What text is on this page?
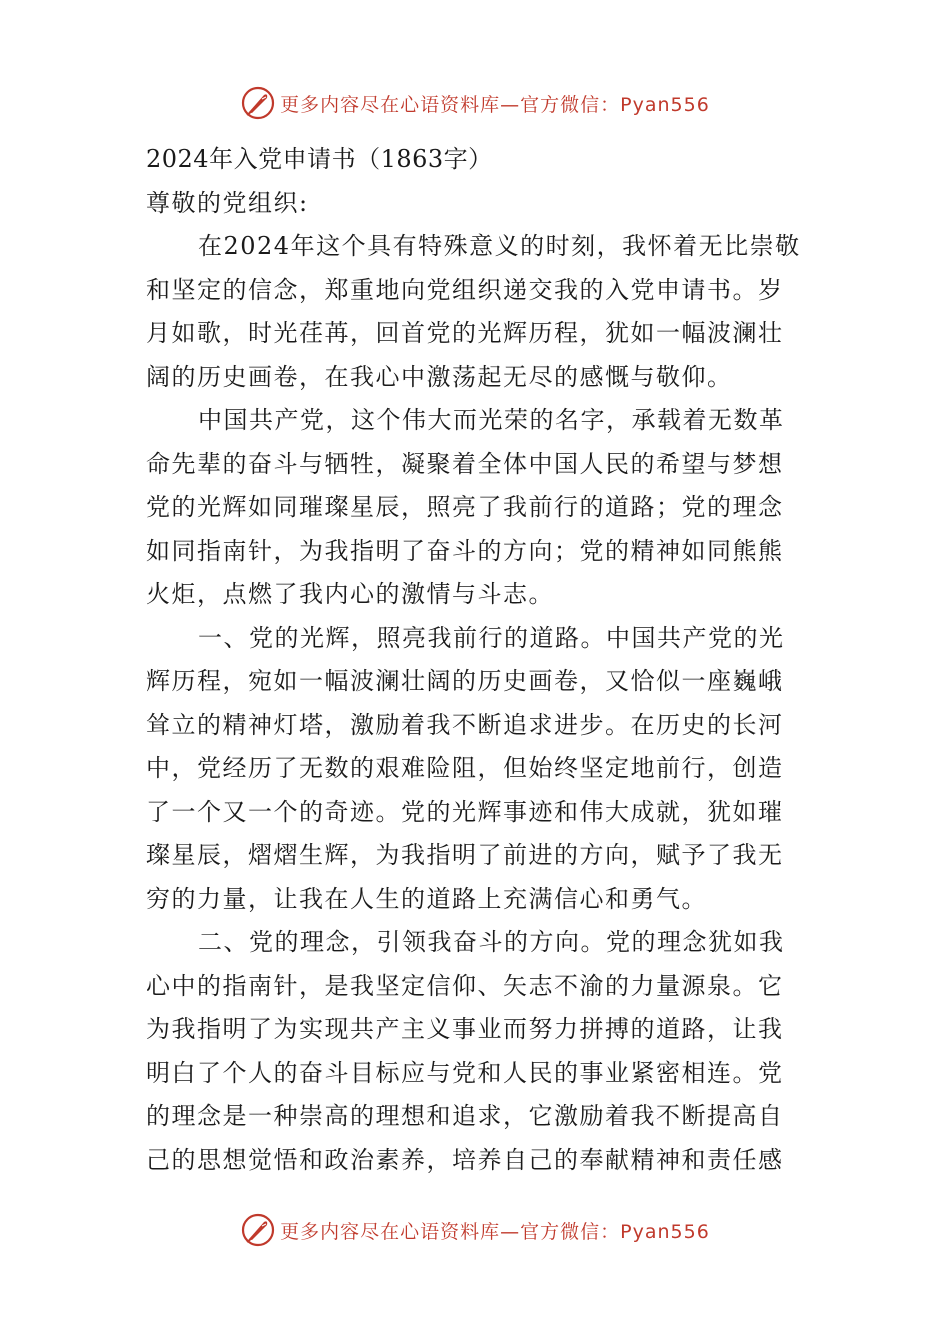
更多内容尽在心语资料库—官方微信：Pyan556
2024年入党申请书（1863字）
尊敬的党组织:
在2024年这个具有特殊意义的时刻，我怀着无比崇敬
和坚定的信念，郑重地向党组织递交我的入党申请书。岁
月如歌，时光荏苒，回首党的光辉历程，犹如一幅波澜壮
阔的历史画卷，在我心中激荡起无尽的感慨与敬仰。
中国共产党，这个伟大而光荣的名字，承载着无数革
命先辈的奋斗与牺牲，凝聚着全体中国人民的希望与梦想
党的光辉如同璀璨星辰，照亮了我前行的道路；党的理念
如同指南针，为我指明了奋斗的方向；党的精神如同熊熊
火炬，点燃了我内心的激情与斗志。
一、党的光辉，照亮我前行的道路。中国共产党的光
辉历程，宛如一幅波澜壮阔的历史画卷，又恰似一座巍峨
耸立的精神灯塔，激励着我不断追求进步。在历史的长河
中，党经历了无数的艰难险阻，但始终坚定地前行，创造
了一个又一个的奇迹。党的光辉事迹和伟大成就，犹如璀
璨星辰，熠熠生辉，为我指明了前进的方向，赋予了我无
穷的力量，让我在人生的道路上充满信心和勇气。
二、党的理念，引领我奋斗的方向。党的理念犹如我
心中的指南针，是我坚定信仰、矢志不渝的力量源泉。它
为我指明了为实现共产主义事业而努力拼搏的道路，让我
明白了个人的奋斗目标应与党和人民的事业紧密相连。党
的理念是一种崇高的理想和追求，它激励着我不断提高自
己的思想觉悟和政治素养，培养自己的奉献精神和责任感
更多内容尽在心语资料库—官方微信：Pyan556
